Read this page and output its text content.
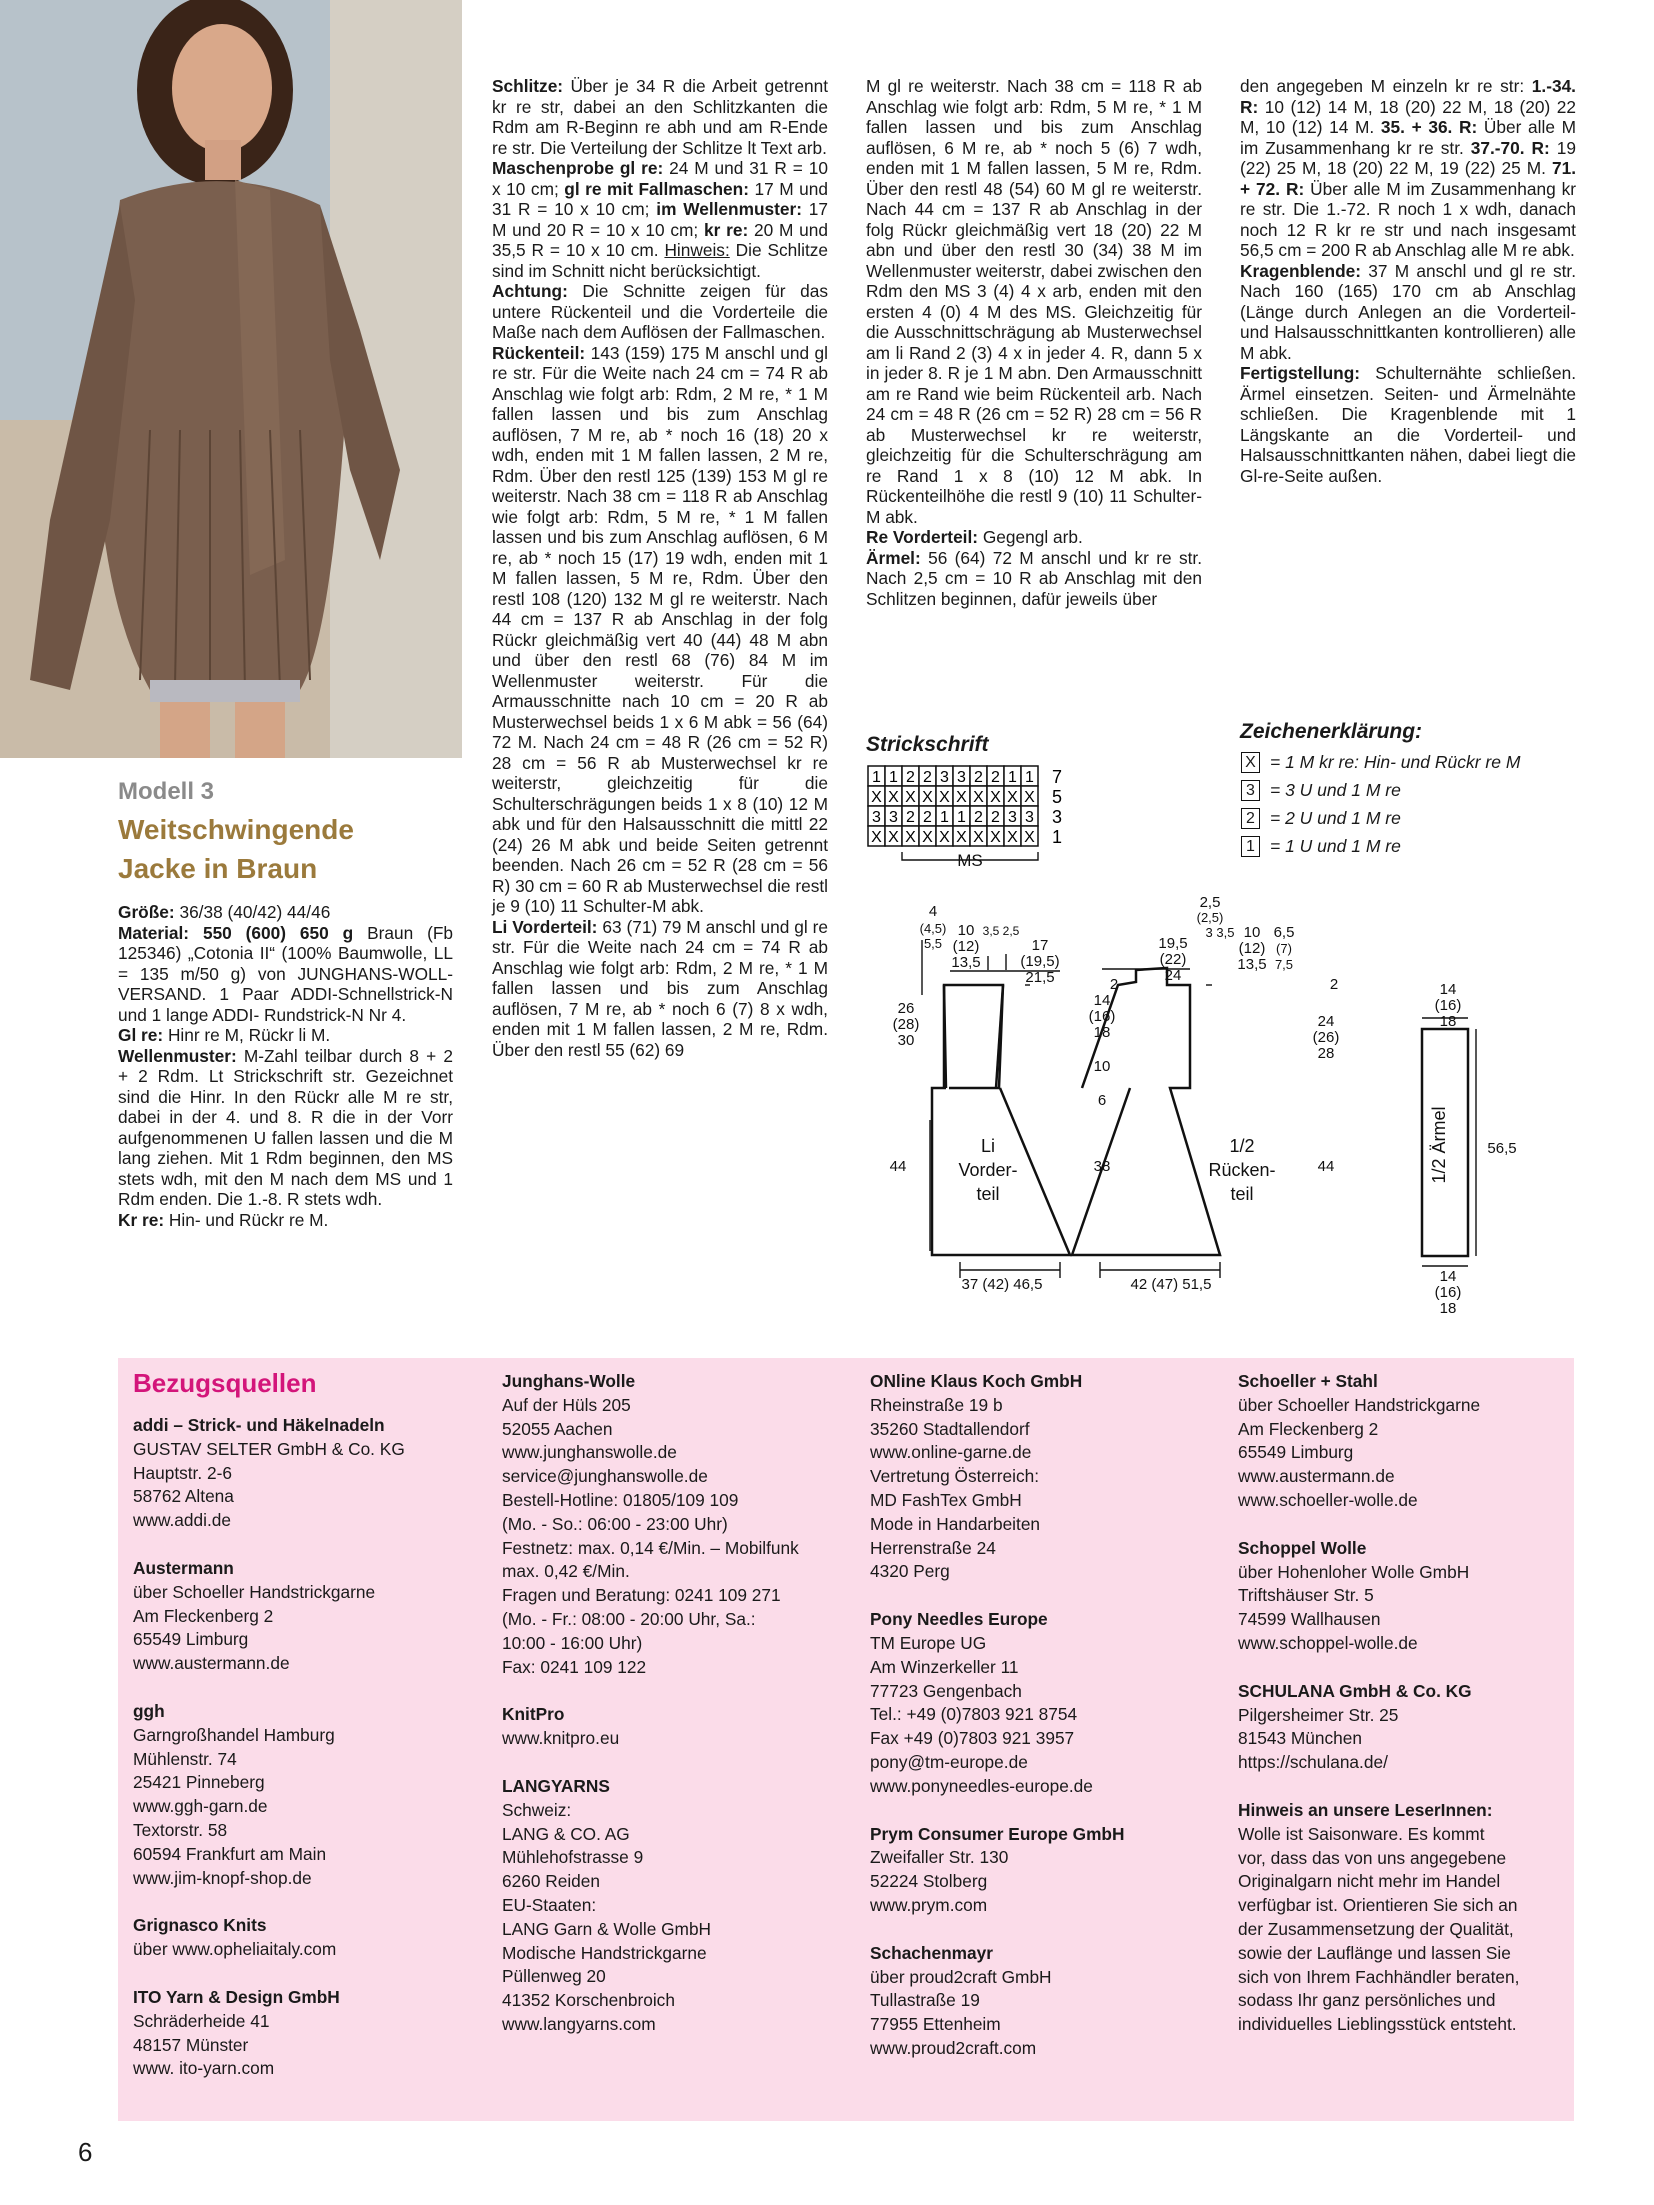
Modell 3
Weitschwingende
Jacke in Braun

Größe: 36/38 (40/42) 44/46

Material: 550 (600) 650 g Braun (Fb 125346) „Cotonia II“ (100% Baumwolle, LL = 135 m/50 g) von JUNGHANS-WOLL-VERSAND. 1 Paar ADDI-Schnellstrick-N und 1 lange ADDI- Rundstrick-N Nr 4.

Gl re: Hinr re M, Rückr li M.

Wellenmuster: M-Zahl teilbar durch 8 + 2 + 2 Rdm. Lt Strickschrift str. Gezeichnet sind die Hinr. In den Rückr alle M re str, dabei in der 4. und 8. R die in der Vorr aufgenommenen U fallen lassen und die M lang ziehen. Mit 1 Rdm beginnen, den MS stets wdh, mit den M nach dem MS und 1 Rdm enden. Die 1.-8. R stets wdh.

Kr re: Hin- und Rückr re M.

Schlitze: Über je 34 R die Arbeit getrennt kr re str, dabei an den Schlitzkanten die Rdm am R-Beginn re abh und am R-Ende re str. Die Verteilung der Schlitze lt Text arb.

Maschenprobe gl re: 24 M und 31 R = 10 x 10 cm; gl re mit Fallmaschen: 17 M und 31 R = 10 x 10 cm; im Wellenmuster: 17 M und 20 R = 10 x 10 cm; kr re: 20 M und 35,5 R = 10 x 10 cm. Hinweis: Die Schlitze sind im Schnitt nicht berücksichtigt.

Achtung: Die Schnitte zeigen für das untere Rückenteil und die Vorderteile die Maße nach dem Auflösen der Fallmaschen.

Rückenteil: 143 (159) 175 M anschl und gl re str. Für die Weite nach 24 cm = 74 R ab Anschlag wie folgt arb: Rdm, 2 M re, * 1 M fallen lassen und bis zum Anschlag auflösen, 7 M re, ab * noch 16 (18) 20 x wdh, enden mit 1 M fallen lassen, 2 M re, Rdm. Über den restl 125 (139) 153 M gl re weiterstr. Nach 38 cm = 118 R ab Anschlag wie folgt arb: Rdm, 5 M re, * 1 M fallen lassen und bis zum Anschlag auflösen, 6 M re, ab * noch 15 (17) 19 wdh, enden mit 1 M fallen lassen, 5 M re, Rdm. Über den restl 108 (120) 132 M gl re weiterstr. Nach 44 cm = 137 R ab Anschlag in der folg Rückr gleichmäßig vert 40 (44) 48 M abn und über den restl 68 (76) 84 M im Wellenmuster weiterstr. Für die Armausschnitte nach 10 cm = 20 R ab Musterwechsel beids 1 x 6 M abk = 56 (64) 72 M. Nach 24 cm = 48 R (26 cm = 52 R) 28 cm = 56 R ab Musterwechsel kr re weiterstr, gleichzeitig für die Schulterschrägungen beids 1 x 8 (10) 12 M abk und für den Halsausschnitt die mittl 22 (24) 26 M abk und beide Seiten getrennt beenden. Nach 26 cm = 52 R (28 cm = 56 R) 30 cm = 60 R ab Musterwechsel die restl je 9 (10) 11 Schulter-M abk.

Li Vorderteil: 63 (71) 79 M anschl und gl re str. Für die Weite nach 24 cm = 74 R ab Anschlag wie folgt arb: Rdm, 2 M re, * 1 M fallen lassen und bis zum Anschlag auflösen, 7 M re, ab * noch 6 (7) 8 x wdh, enden mit 1 M fallen lassen, 2 M re, Rdm. Über den restl 55 (62) 69

M gl re weiterstr. Nach 38 cm = 118 R ab Anschlag wie folgt arb: Rdm, 5 M re, * 1 M fallen lassen und bis zum Anschlag auflösen, 6 M re, ab * noch 5 (6) 7 wdh, enden mit 1 M fallen lassen, 5 M re, Rdm. Über den restl 48 (54) 60 M gl re weiterstr. Nach 44 cm = 137 R ab Anschlag in der folg Rückr gleichmäßig vert 18 (20) 22 M abn und über den restl 30 (34) 38 M im Wellenmuster weiterstr, dabei zwischen den Rdm den MS 3 (4) 4 x arb, enden mit den ersten 4 (0) 4 M des MS. Gleichzeitig für die Ausschnittschrägung ab Musterwechsel am li Rand 2 (3) 4 x in jeder 4. R, dann 5 x in jeder 8. R je 1 M abn. Den Armausschnitt am re Rand wie beim Rückenteil arb. Nach 24 cm = 48 R (26 cm = 52 R) 28 cm = 56 R ab Musterwechsel kr re weiterstr, gleichzeitig für die Schulterschrägung am re Rand 1 x 8 (10) 12 M abk. In Rückenteilhöhe die restl 9 (10) 11 Schulter-M abk.

Re Vorderteil: Gegengl arb.

Ärmel: 56 (64) 72 M anschl und kr re str. Nach 2,5 cm = 10 R ab Anschlag mit den Schlitzen beginnen, dafür jeweils über

den angegeben M einzeln kr re str: 1.-34. R: 10 (12) 14 M, 18 (20) 22 M, 18 (20) 22 M, 10 (12) 14 M. 35. + 36. R: Über alle M im Zusammenhang kr re str. 37.-70. R: 19 (22) 25 M, 18 (20) 22 M, 19 (22) 25 M. 71. + 72. R: Über alle M im Zusammenhang kr re str. Die 1.-72. R noch 1 x wdh, danach noch 12 R kr re str und nach insgesamt 56,5 cm = 200 R ab Anschlag alle M re abk.

Kragenblende: 37 M anschl und gl re str. Nach 160 (165) 170 cm ab Anschlag (Länge durch Anlegen an die Vorderteil- und Halsausschnittkanten kontrollieren) alle M abk.

Fertigstellung: Schulternähte schließen. Ärmel einsetzen. Seiten- und Ärmelnähte schließen. Die Kragenblende mit 1 Längskante an die Vorderteil- und Halsausschnittkanten nähen, dabei liegt die Gl-re-Seite außen.

Strickschrift
1 1 2 2 3 3 2 2 1 1 7
X X X X X X X X X X 5
3 3 2 2 1 1 2 2 3 3 3
X X X X X X X X X X 1
MS
Zeichenerklärung:
X = 1 M kr re: Hin- und Rückr re M
3 = 3 U und 1 M re
2 = 2 U und 1 M re
1 = 1 U und 1 M re
4
(4,5)
5,5
10
(12)
13,5
3,5 2,5
17
(19,5)
21,5
26
(28)
30
44
2
14
(16)
18
10
6
38
19,5
(22)
24
2,5
(2,5)
3 3,5 10
(12)
13,5
6,5
(7)
7,5
2
24
(26)
28
44
14
(16)
18
56,5
14
(16)
18
37 (42) 46,5	42 (47) 51,5
Li
Vorder-
teil
1/2
Rücken-
teil
1/2 Ärmel
Bezugsquellen

addi – Strick- und Häkelnadeln

GUSTAV SELTER GmbH & Co. KG

Hauptstr. 2-6

58762 Altena

www.addi.de

Austermann

über Schoeller Handstrickgarne

Am Fleckenberg 2

65549 Limburg

www.austermann.de

ggh

Garngroßhandel Hamburg

Mühlenstr. 74

25421 Pinneberg

www.ggh-garn.de

Textorstr. 58

60594 Frankfurt am Main

www.jim-knopf-shop.de

Grignasco Knits

über www.opheliaitaly.com

ITO Yarn & Design GmbH

Schräderheide 41

48157 Münster

www. ito-yarn.com

Junghans-Wolle

Auf der Hüls 205

52055 Aachen

www.junghanswolle.de

service@junghanswolle.de

Bestell-Hotline: 01805/109 109

(Mo. - So.: 06:00 - 23:00 Uhr)

Festnetz: max. 0,14 €/Min. – Mobilfunk

max. 0,42 €/Min.

Fragen und Beratung: 0241 109 271

(Mo. - Fr.: 08:00 - 20:00 Uhr, Sa.:

10:00 - 16:00 Uhr)

Fax: 0241 109 122

KnitPro

www.knitpro.eu

LANGYARNS

Schweiz:

LANG & CO. AG

Mühlehofstrasse 9

6260 Reiden

EU-Staaten:

LANG Garn & Wolle GmbH

Modische Handstrickgarne

Püllenweg 20

41352 Korschenbroich

www.langyarns.com

ONline Klaus Koch GmbH

Rheinstraße 19 b

35260 Stadtallendorf

www.online-garne.de

Vertretung Österreich:

MD FashTex GmbH

Mode in Handarbeiten

Herrenstraße 24

4320 Perg

Pony Needles Europe

TM Europe UG

Am Winzerkeller 11

77723 Gengenbach

Tel.: +49 (0)7803 921 8754

Fax +49 (0)7803 921 3957

pony@tm-europe.de

www.ponyneedles-europe.de

Prym Consumer Europe GmbH

Zweifaller Str. 130

52224 Stolberg

www.prym.com

Schachenmayr

über proud2craft GmbH

Tullastraße 19

77955 Ettenheim

www.proud2craft.com

Schoeller + Stahl

über Schoeller Handstrickgarne

Am Fleckenberg 2

65549 Limburg

www.austermann.de

www.schoeller-wolle.de

Schoppel Wolle

über Hohenloher Wolle GmbH

Triftshäuser Str. 5

74599 Wallhausen

www.schoppel-wolle.de

SCHULANA GmbH & Co. KG

Pilgersheimer Str. 25

81543 München

https://schulana.de/

Hinweis an unsere LeserInnen:

Wolle ist Saisonware. Es kommt

vor, dass das von uns angegebene

Originalgarn nicht mehr im Handel

verfügbar ist. Orientieren Sie sich an

der Zusammensetzung der Qualität,

sowie der Lauflänge und lassen Sie

sich von Ihrem Fachhändler beraten,

sodass Ihr ganz persönliches und

individuelles Lieblingsstück entsteht.

6
